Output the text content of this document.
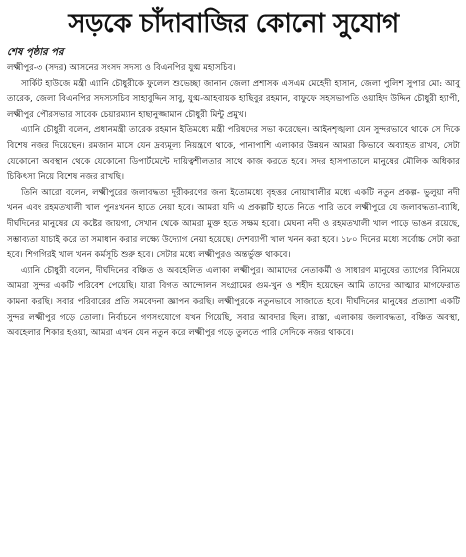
সড়কে চাঁদাবাজির কোনো সুযোগ
শেষ পৃষ্ঠার পর

লক্ষ্মীপুর-৩ (সদর) আসনের সংসদ সদস্য ও বিএনপির যুগ্ম মহাসচিব।

সার্কিট হাউজে মন্ত্রী এ্যানি চৌধুরীকে ফুলেল শুভেচ্ছা জানান জেলা প্রশাসক এসএম মেহেদী হাসান, জেলা পুলিশ সুপার মো: আবু তারেক, জেলা বিএনপির সদস্যসচিব সাহাবুদ্দিন সাবু, যুগ্ম-আহবায়ক হাছিবুর রহমান, বাফুফে সহসভাপতি ওয়াহিদ উদ্দিন চৌধুরী হ্যাপী, লক্ষ্মীপুর পৌরসভার সাবেক চেয়ারম্যান হাছানুজ্জামান চৌধুরী মিন্টু প্রমুখ।

এ্যানি চৌধুরী বলেন, প্রধানমন্ত্রী তারেক রহমান ইতিমধ্যে মন্ত্রী পরিষদের সভা করেছেন। আইনশৃঙ্খলা যেন সুন্দরভাবে থাকে সে দিকে বিশেষ নজর দিয়েছেন। রমজান মাসে যেন দ্রব্যমূল্য নিয়ন্ত্রণে থাকে, পানাপাশি এলাকার উন্নয়ন আমরা কিভাবে অব্যাহত রাখব, সেটা যেকোনো অবস্থান থেকে যেকোনো ডিপার্টমেন্টে দায়িত্বশীলতার সাথে কাজ করতে হবে। সদর হাসপাতালে মানুষের মৌলিক অধিকার চিকিৎসা নিয়ে বিশেষ নজর রাখছি।

তিনি আরো বলেন, লক্ষ্মীপুরের জলাবদ্ধতা দূরীকরণের জন্য ইতোমধ্যে বৃহত্তর নোয়াখালীর মধ্যে একটি নতুন প্রকল্প- ভুলুয়া নদী খনন এবং রহমতখালী খাল পুনঃখনন হাতে নেয়া হবে। আমরা যদি এ প্রকল্পটি হাতে নিতে পারি তবে লক্ষ্মীপুরে যে জলাবদ্ধতা-ব্যাধি, দীর্ঘদিনের মানুষের যে কষ্টের জায়গা, সেখান থেকে আমরা মুক্ত হতে সক্ষম হবো। মেঘনা নদী ও রহমতখালী খাল পাড়ে ভাঙন রয়েছে, সম্ভাব্যতা যাচাই করে তা সমাধান করার লক্ষ্যে উদ্যোগ নেয়া হয়েছে। দেশব্যাপী খাল খনন করা হবে। ১৮০ দিনের মধ্যে সর্বোচ্চ সেটা করা হবে। শিগগিরই খাল খনন কর্মসূচি শুরু হবে। সেটার মধ্যে লক্ষ্মীপুরও অন্তর্ভুক্ত থাকবে।

এ্যানি চৌধুরী বলেন, দীর্ঘদিনের বঞ্চিত ও অবহেলিত এলাকা লক্ষ্মীপুর। আমাদের নেতাকর্মী ও সাধারণ মানুষের ত্যাগের বিনিময়ে আমরা সুন্দর একটি পরিবেশ পেয়েছি। যারা বিগত আন্দোলন সংগ্রামের গুম-খুন ও শহীদ হয়েছেন আমি তাদের আত্মার মাগফেরাত কামনা করছি। সবার পরিবারের প্রতি সমবেদনা জ্ঞাপন করছি। লক্ষ্মীপুরকে নতুনভাবে সাজাতে হবে। দীর্ঘদিনের মানুষের প্রত্যাশা একটি সুন্দর লক্ষ্মীপুর গড়ে তোলা। নির্বাচনে গণসংযোগে যখন গিয়েছি, সবার আবদার ছিল। রাস্তা, এলাকায় জলাবদ্ধতা, বঞ্চিত অবস্থা, অবহেলার শিকার হওয়া, আমরা এখন যেন নতুন করে লক্ষ্মীপুর গড়ে তুলতে পারি সেদিকে নজর থাকবে।
